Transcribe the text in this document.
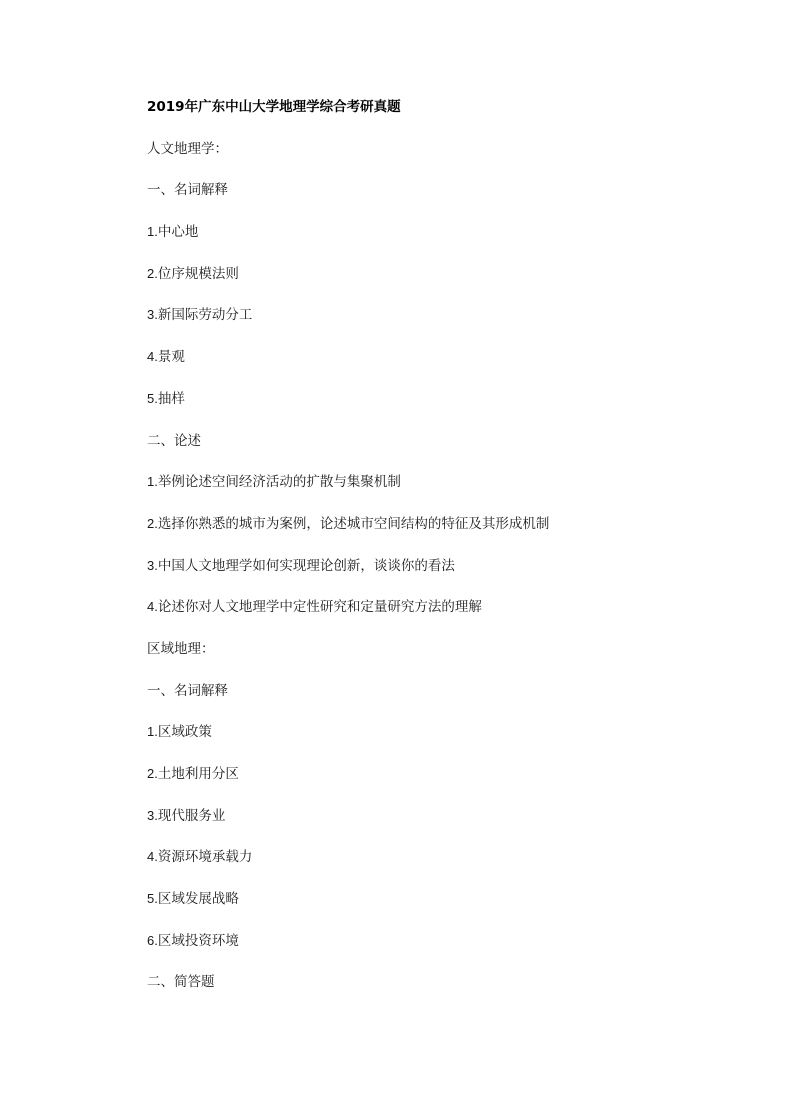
2019年广东中山大学地理学综合考研真题
人文地理学：
一、名词解释
1.中心地
2.位序规模法则
3.新国际劳动分工
4.景观
5.抽样
二、论述
1.举例论述空间经济活动的扩散与集聚机制
2.选择你熟悉的城市为案例，论述城市空间结构的特征及其形成机制
3.中国人文地理学如何实现理论创新，谈谈你的看法
4.论述你对人文地理学中定性研究和定量研究方法的理解
区域地理：
一、名词解释
1.区域政策
2.土地利用分区
3.现代服务业
4.资源环境承载力
5.区域发展战略
6.区域投资环境
二、简答题
